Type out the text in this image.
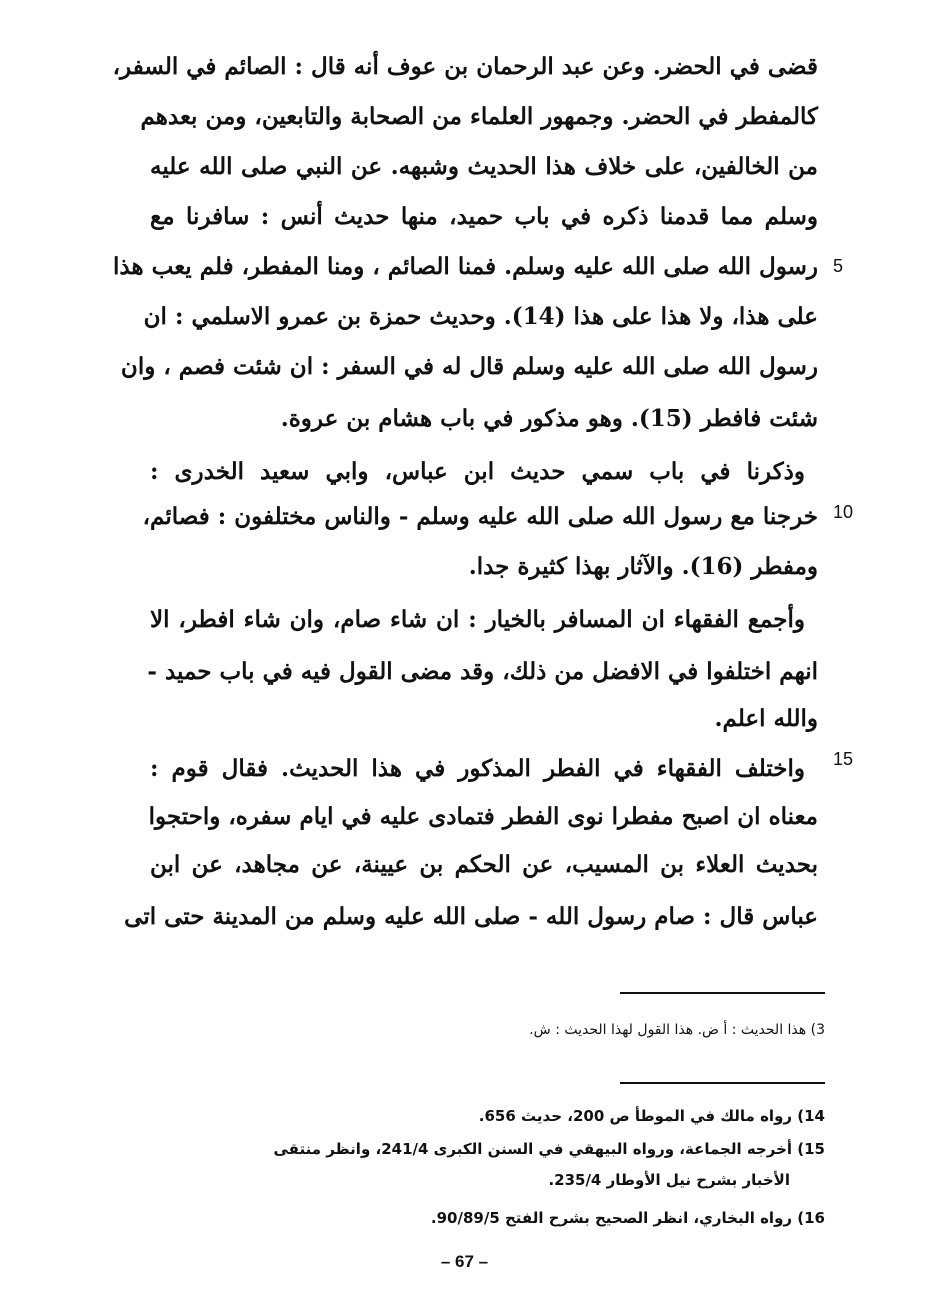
قضى في الحضر. وعن عبد الرحمان بن عوف أنه قال : الصائم في السفر،
كالمفطر في الحضر. وجمهور العلماء من الصحابة والتابعين، ومن بعدهم
من الخالفين، على خلاف هذا الحديث وشبهه. عن النبي صلى الله عليه
وسلم مما قدمنا ذكره في باب حميد، منها حديث أنس : سافرنا مع
رسول الله صلى الله عليه وسلم. فمنا الصائم ، ومنا المفطر، فلم يعب هذا
على هذا، ولا هذا على هذا (14). وحديث حمزة بن عمرو الاسلمي : ان
رسول الله صلى الله عليه وسلم قال له في السفر : ان شئت فصم ، وان
شئت فافطر (15). وهو مذكور في باب هشام بن عروة.
وذكرنا في باب سمي حديث ابن عباس، وابي سعيد الخدرى :
خرجنا مع رسول الله صلى الله عليه وسلم - والناس مختلفون : فصائم،
ومفطر (16). والآثار بهذا كثيرة جدا.
وأجمع الفقهاء ان المسافر بالخيار : ان شاء صام، وان شاء افطر، الا
انهم اختلفوا في الافضل من ذلك، وقد مضى القول فيه في باب حميد -
والله اعلم.
واختلف الفقهاء في الفطر المذكور في هذا الحديث. فقال قوم :
معناه ان اصبح مفطرا نوى الفطر فتمادى عليه في ايام سفره، واحتجوا
بحديث العلاء بن المسيب، عن الحكم بن عيينة، عن مجاهد، عن ابن
عباس قال : صام رسول الله - صلى الله عليه وسلم من المدينة حتى اتى
5
10
15
3) هذا الحديث : أ ض. هذا القول لهذا الحديث : ش.
14) رواه مالك في الموطأ ص 200، حديث 656.
15) أخرجه الجماعة، ورواه البيهقي في السنن الكبرى 241/4، وانظر منتقى
الأخبار بشرح نيل الأوطار 235/4.
16) رواه البخاري، انظر الصحيح بشرح الفتح 90/89/5.
– 67 –
